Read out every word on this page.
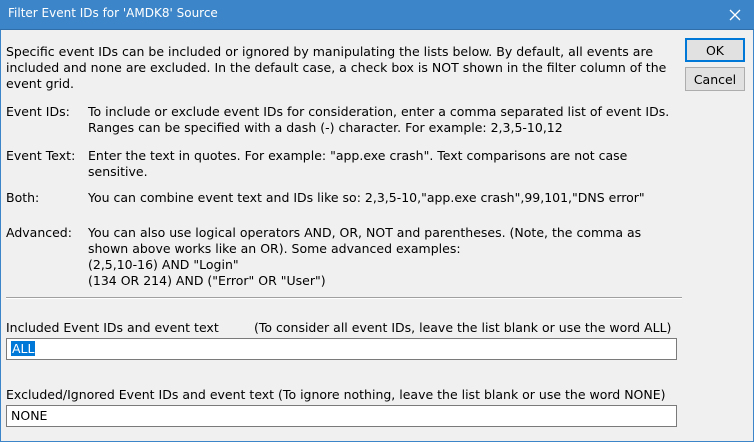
Filter Event IDs for 'AMDK8' Source
Specific event IDs can be included or ignored by manipulating the lists below. By default, all events are
included and none are excluded. In the default case, a check box is NOT shown in the filter column of the
event grid.
Event IDs: To include or exclude event IDs for consideration, enter a comma separated list of event IDs.
Ranges can be specified with a dash (-) character. For example: 2,3,5-10,12
Event Text: Enter the text in quotes. For example: "app.exe crash". Text comparisons are not case
sensitive.
Both:	You can combine event text and IDs like so: 2,3,5-10,"app.exe crash",99,101,"DNS error"
Advanced: You can also use logical operators AND, OR, NOT and parentheses. (Note, the comma as
shown above works like an OR). Some advanced examples:
(2,5,10-16) AND "Login"
(134 OR 214) AND ("Error" OR "User")
Included Event IDs and event text	(To consider all event IDs, leave the list blank or use the word ALL)
ALL
Excluded/Ignored Event IDs and event text (To ignore nothing, leave the list blank or use the word NONE)
NONE
OK
Cancel
